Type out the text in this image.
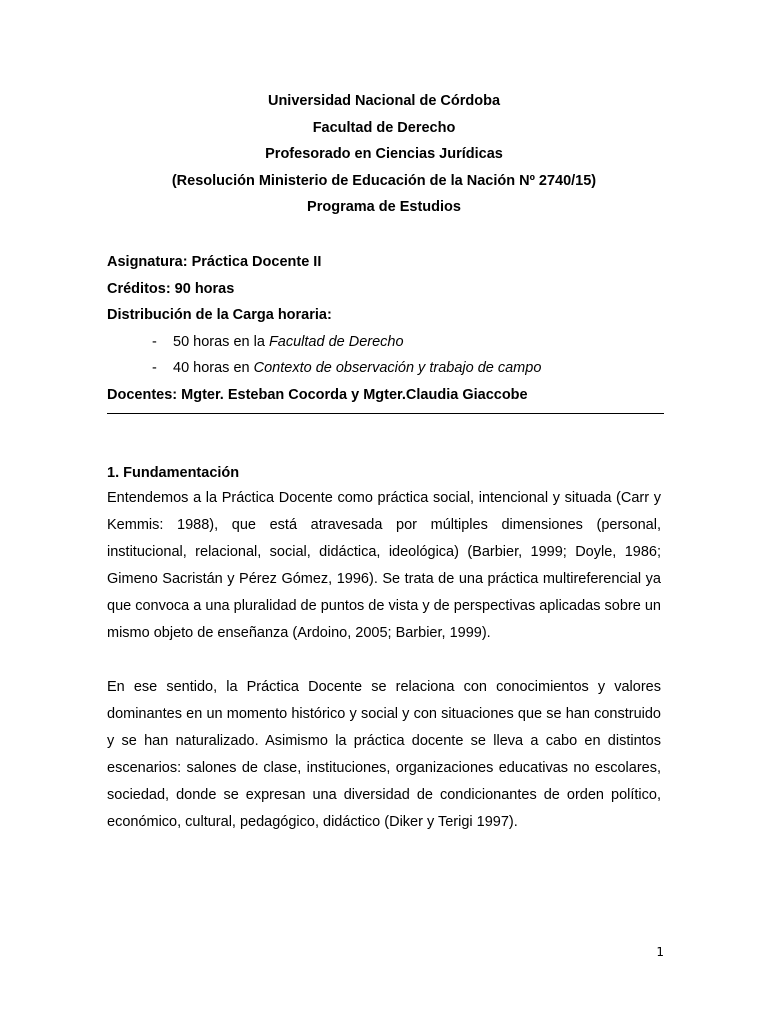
Universidad Nacional de Córdoba
Facultad de Derecho
Profesorado en Ciencias Jurídicas
(Resolución Ministerio de Educación de la Nación Nº 2740/15)
Programa de Estudios
Asignatura: Práctica Docente II
Créditos: 90 horas
Distribución de la Carga horaria:
- 50 horas en la Facultad de Derecho
- 40 horas en Contexto de observación y trabajo de campo
Docentes: Mgter. Esteban Cocorda y Mgter.Claudia Giaccobe
1. Fundamentación

Entendemos a la Práctica Docente como práctica social, intencional y situada (Carr y Kemmis: 1988), que está atravesada por múltiples dimensiones (personal, institucional, relacional, social, didáctica, ideológica) (Barbier, 1999; Doyle, 1986; Gimeno Sacristán y Pérez Gómez, 1996). Se trata de una práctica multireferencial ya que convoca a una pluralidad de puntos de vista y de perspectivas aplicadas sobre un mismo objeto de enseñanza (Ardoino, 2005; Barbier, 1999).

En ese sentido, la Práctica Docente se relaciona con conocimientos y valores dominantes en un momento histórico y social y con situaciones que se han construido y se han naturalizado. Asimismo la práctica docente se lleva a cabo en distintos escenarios: salones de clase, instituciones, organizaciones educativas no escolares, sociedad, donde se expresan una diversidad de condicionantes de orden político, económico, cultural, pedagógico, didáctico (Diker y Terigi 1997).

1
